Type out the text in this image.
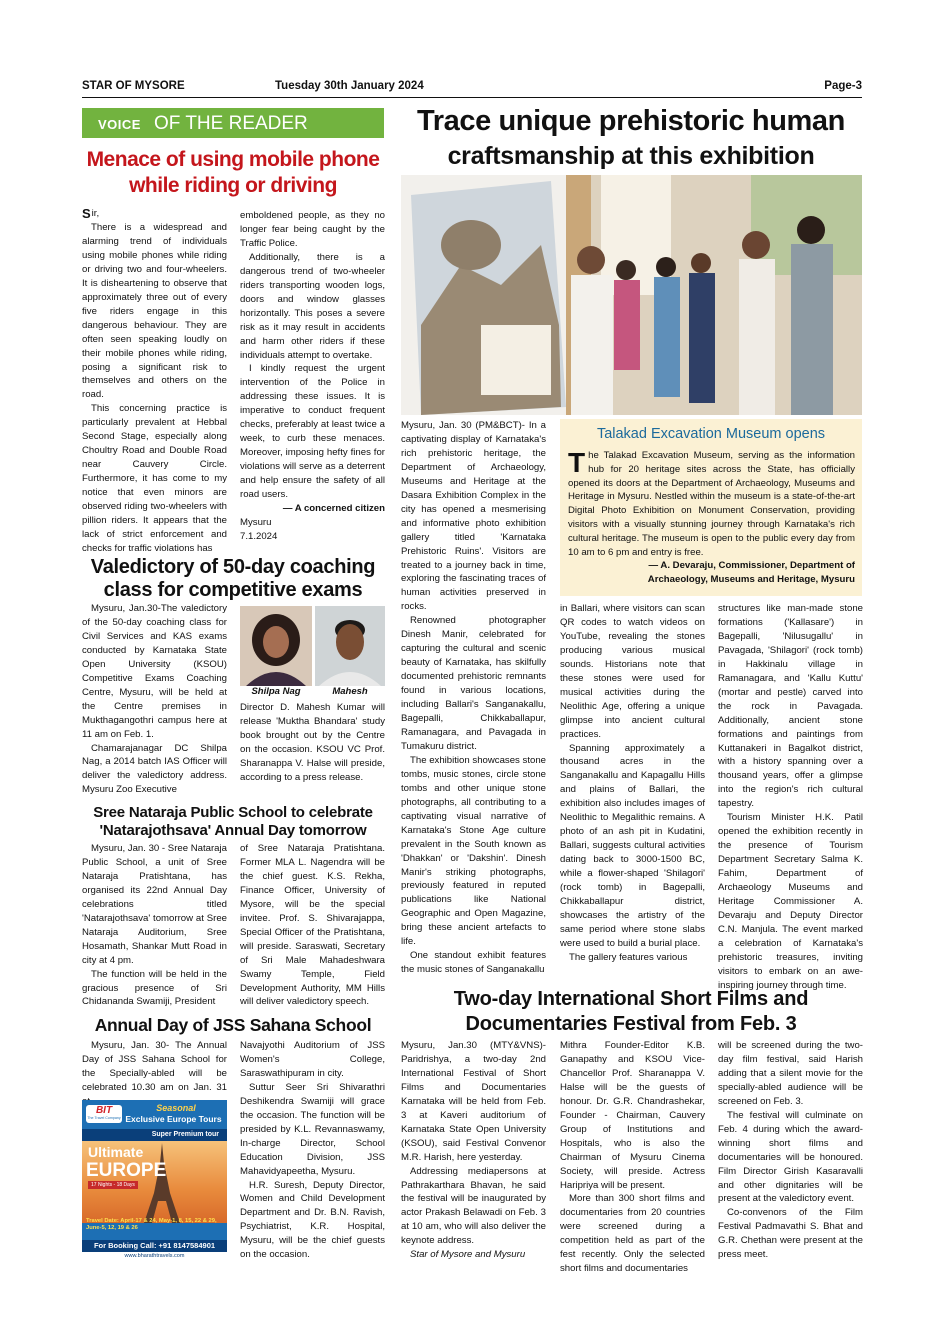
STAR OF MYSORE	Tuesday 30th January 2024	Page-3
VOICE OF THE READER
Menace of using mobile phone
while riding or driving

S ir,

There is a widespread and alarming trend of individuals using mobile phones while riding or driving two and four-wheelers. It is disheartening to observe that approximately three out of every five riders engage in this dangerous behaviour. They are often seen speaking loudly on their mobile phones while riding, posing a significant risk to themselves and others on the road.

This concerning practice is particularly prevalent at Hebbal Second Stage, especially along Choultry Road and Double Road near Cauvery Circle. Furthermore, it has come to my notice that even minors are observed riding two-wheelers with pillion riders. It appears that the lack of strict enforcement and checks for traffic violations has

emboldened people, as they no longer fear being caught by the Traffic Police.

Additionally, there is a dangerous trend of two-wheeler riders transporting wooden logs, doors and window glasses horizontally. This poses a severe risk as it may result in accidents and harm other riders if these individuals attempt to overtake.

I kindly request the urgent intervention of the Police in addressing these issues. It is imperative to conduct frequent checks, preferably at least twice a week, to curb these menaces. Moreover, imposing hefty fines for violations will serve as a deterrent and help ensure the safety of all road users.

— A concerned citizen

Mysuru

7.1.2024

Valedictory of 50-day coaching
class for competitive exams

Mysuru, Jan.30-The valedictory of the 50-day coaching class for Civil Services and KAS exams conducted by Karnataka State Open University (KSOU) Competitive Exams Coaching Centre, Mysuru, will be held at the Centre premises in Mukthagangothri campus here at 11 am on Feb. 1.

Chamarajanagar DC Shilpa Nag, a 2014 batch IAS Officer will deliver the valedictory address. Mysuru Zoo Executive

Shilpa Nag	Mahesh

Director D. Mahesh Kumar will release 'Muktha Bhandara' study book brought out by the Centre on the occasion. KSOU VC Prof. Sharanappa V. Halse will preside, according to a press release.

Sree Nataraja Public School to celebrate
'Natarajothsava' Annual Day tomorrow

Mysuru, Jan. 30 - Sree Nataraja Public School, a unit of Sree Nataraja Pratishtana, has organised its 22nd Annual Day celebrations titled 'Natarajothsava' tomorrow at Sree Nataraja Auditorium, Sree Hosamath, Shankar Mutt Road in city at 4 pm.

The function will be held in the gracious presence of Sri Chidananda Swamiji, President

of Sree Nataraja Pratishtana. Former MLA L. Nagendra will be the chief guest. K.S. Rekha, Finance Officer, University of Mysore, will be the special invitee. Prof. S. Shivarajappa, Special Officer of the Pratishtana, will preside. Saraswati, Secretary of Sri Male Mahadeshwara Swamy Temple, Field Development Authority, MM Hills will deliver valedictory speech.

Annual Day of JSS Sahana School

Mysuru, Jan. 30- The Annual Day of JSS Sahana School for the Specially-abled will be celebrated 10.30 am on Jan. 31

Navajyothi Auditorium of JSS Women's College, Saraswathipuram in city.

Suttur Seer Sri Shivarathri Deshikendra Swamiji will grace the occasion. The function will be presided by K.L. Revannaswamy, In-charge Director, School Education Division, JSS Mahavidyapeetha, Mysuru.

H.R. Suresh, Deputy Director, Women and Child Development Department and Dr. B.N. Ravish, Psychiatrist, K.R. Hospital, Mysuru, will be the chief guests on the occasion.

BIT
The Travel Company
Seasonal
Exclusive Europe Tours
Super Premium tour
Ultimate
EUROPE
17 Nights - 18 Days
Travel Date: April-17 & 24, May-1, 8, 15, 22 & 29, June-5, 12, 19 & 26
For Booking Call: +91 8147584901
www.bharathtravels.com
Trace unique prehistoric human
craftsmanship at this exhibition

Mysuru, Jan. 30 (PM&BCT)- In a captivating display of Karnataka's rich prehistoric heritage, the Department of Archaeology, Museums and Heritage at the Dasara Exhibition Complex in the city has opened a mesmerising and informative photo exhibition gallery titled 'Karnataka Prehistoric Ruins'. Visitors are treated to a journey back in time, exploring the fascinating traces of human activities preserved in rocks.

Renowned photographer Dinesh Manir, celebrated for capturing the cultural and scenic beauty of Karnataka, has skilfully documented prehistoric remnants found in various locations, including Ballari's Sanganakallu, Bagepalli, Chikkaballapur, Ramanagara, and Pavagada in Tumakuru district.

The exhibition showcases stone tombs, music stones, circle stone tombs and other unique stone photographs, all contributing to a captivating visual narrative of Karnataka's Stone Age culture prevalent in the South known as 'Dhakkan' or 'Dakshin'. Dinesh Manir's striking photographs, previously featured in reputed publications like National Geographic and Open Magazine, bring these ancient artefacts to life.

One standout exhibit features the music stones of Sanganakallu

Talakad Excavation Museum opens

The Talakad Excavation Museum, serving as the information hub for 20 heritage sites across the State, has officially opened its doors at the Department of Archaeology, Museums and Heritage in Mysuru. Nestled within the museum is a state-of-the-art Digital Photo Exhibition on Monument Conservation, providing visitors with a visually stunning journey through Karnataka's rich cultural heritage. The museum is open to the public every day from 10 am to 6 pm and entry is free.

— A. Devaraju, Commissioner, Department of

Archaeology, Museums and Heritage, Mysuru

in Ballari, where visitors can scan QR codes to watch videos on YouTube, revealing the stones producing various musical sounds. Historians note that these stones were used for musical activities during the Neolithic Age, offering a unique glimpse into ancient cultural practices.

Spanning approximately a thousand acres in the Sanganakallu and Kapagallu Hills and plains of Ballari, the exhibition also includes images of Neolithic to Megalithic remains. A photo of an ash pit in Kudatini, Ballari, suggests cultural activities dating back to 3000-1500 BC, while a flower-shaped 'Shilagori' (rock tomb) in Bagepalli, Chikkaballapur district, showcases the artistry of the same period where stone slabs were used to build a burial place.

The gallery features various

structures like man-made stone formations ('Kallasare') in Bagepalli, 'Nilusugallu' in Pavagada, 'Shilagori' (rock tomb) in Hakkinalu village in Ramanagara, and 'Kallu Kuttu' (mortar and pestle) carved into the rock in Pavagada. Additionally, ancient stone formations and paintings from Kuttanakeri in Bagalkot district, with a history spanning over a thousand years, offer a glimpse into the region's rich cultural tapestry.

Tourism Minister H.K. Patil opened the exhibition recently in the presence of Tourism Department Secretary Salma K. Fahim, Department of Archaeology Museums and Heritage Commissioner A. Devaraju and Deputy Director C.N. Manjula. The event marked a celebration of Karnataka's prehistoric treasures, inviting visitors to embark on an awe-inspiring journey through time.

Two-day International Short Films and
Documentaries Festival from Feb. 3

Mysuru, Jan.30 (MTY&VNS)- Paridrishya, a two-day 2nd International Festival of Short Films and Documentaries Karnataka will be held from Feb. 3 at Kaveri auditorium of Karnataka State Open University (KSOU), said Festival Convenor M.R. Harish, here yesterday.

Addressing mediapersons at Pathrakarthara Bhavan, he said the festival will be inaugurated by actor Prakash Belawadi on Feb. 3 at 10 am, who will also deliver the keynote address.

Star of Mysore and Mysuru

Mithra Founder-Editor K.B. Ganapathy and KSOU Vice-Chancellor Prof. Sharanappa V. Halse will be the guests of honour. Dr. G.R. Chandrashekar, Founder - Chairman, Cauvery Group of Institutions and Hospitals, who is also the Chairman of Mysuru Cinema Society, will preside. Actress Haripriya will be present.

More than 300 short films and documentaries from 20 countries were screened during a competition held as part of the fest recently. Only the selected short films and documentaries

will be screened during the two-day film festival, said Harish adding that a silent movie for the specially-abled audience will be screened on Feb. 3.

The festival will culminate on Feb. 4 during which the award-winning short films and documentaries will be honoured. Film Director Girish Kasaravalli and other dignitaries will be present at the valedictory event.

Co-convenors of the Film Festival Padmavathi S. Bhat and G.R. Chethan were present at the press meet.
